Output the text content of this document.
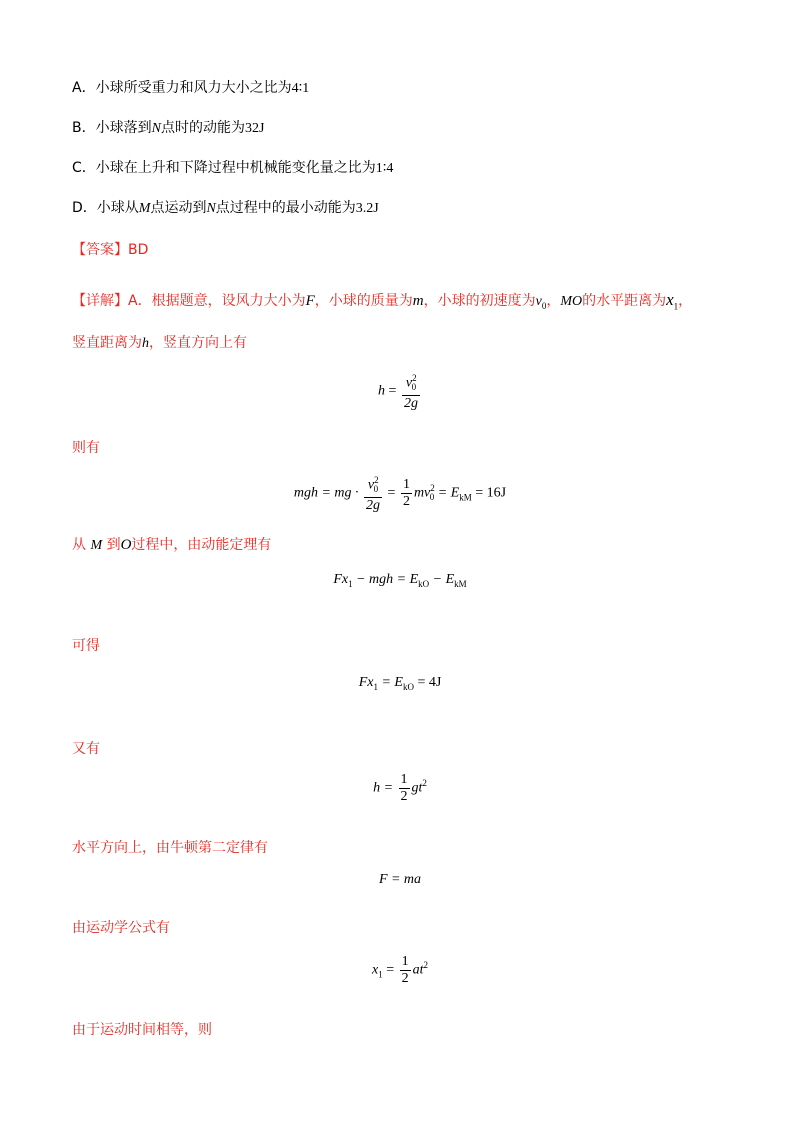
A．小球所受重力和风力大小之比为4∶1
B．小球落到N点时的动能为32J
C．小球在上升和下降过程中机械能变化量之比为1∶4
D．小球从M点运动到N点过程中的最小动能为3.2J
【答案】BD
【详解】A．根据题意，设风力大小为F，小球的质量为m，小球的初速度为$v_0$，MO的水平距离为$x_1$，
竖直距离为h，竖直方向上有
$h = \frac{v^2_0}{2g}$
则有
mgh = mg · $\frac{v^2_0}{2g} = \frac{1}{2} mv^2_0 = E_{kM} = 16J$
从 M 到O过程中，由动能定理有
$Fx_1$ − mgh = $E_{kO} - E_{kM}$
可得
$Fx_1 = E_{kO} = 4J$
又有
$h = \frac{1}{2} gt^2$
水平方向上，由牛顿第二定律有
F = ma
由运动学公式有
$x_1 = \frac{1}{2} at^2$
由于运动时间相等，则
